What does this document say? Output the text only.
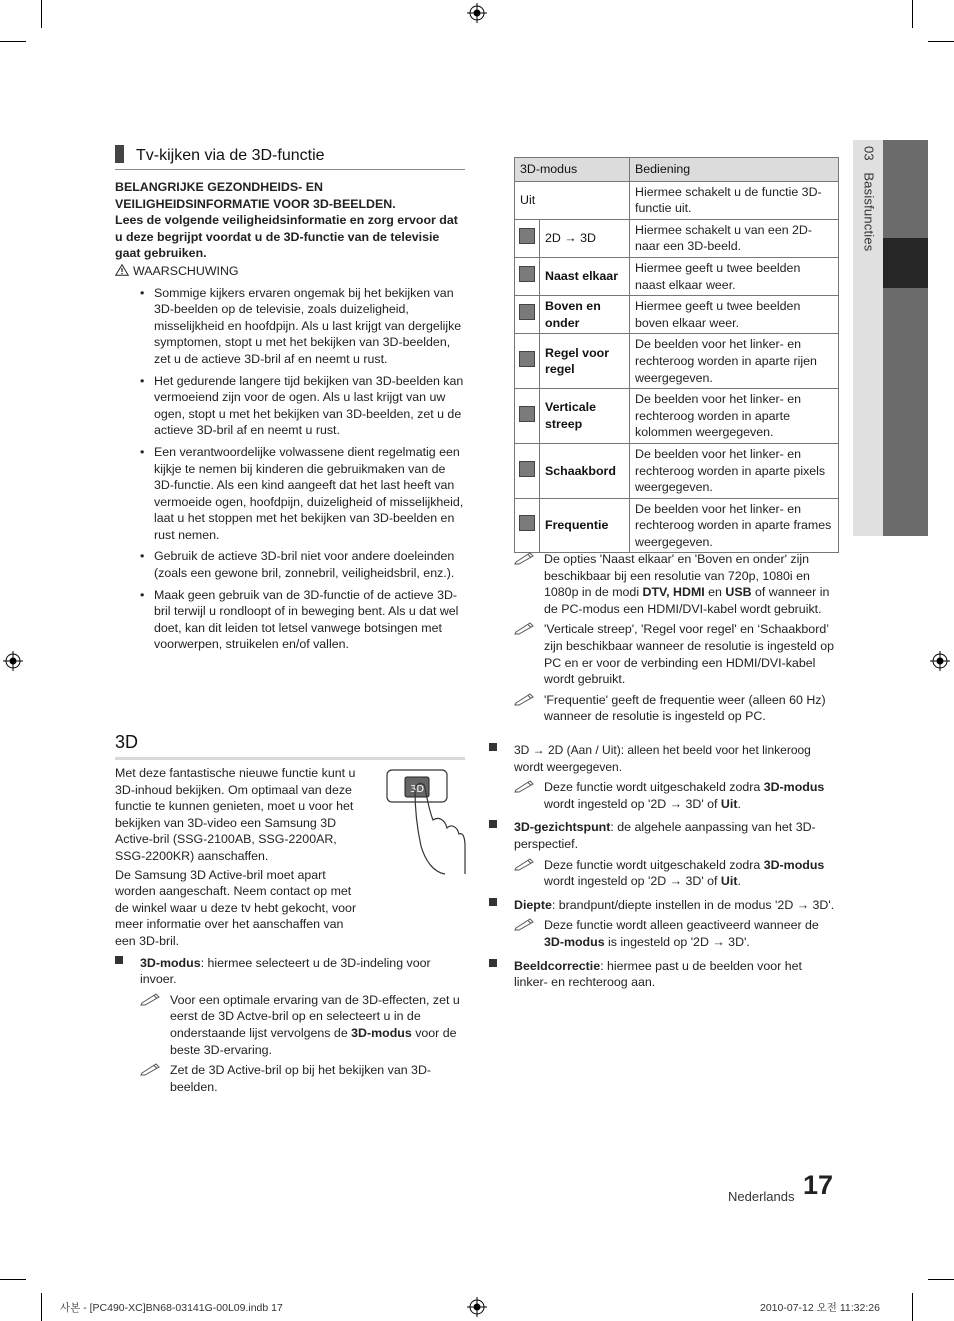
03   Basisfuncties
Tv-kijken via de 3D-functie
BELANGRIJKE GEZONDHEIDS- EN
VEILIGHEIDSINFORMATIE VOOR 3D-BEELDEN.
Lees de volgende veiligheidsinformatie en zorg ervoor dat u deze begrijpt voordat u de 3D-functie van de televisie gaat gebruiken.
WAARSCHUWING
• Sommige kijkers ervaren ongemak bij het bekijken van 3D-beelden op de televisie, zoals duizeligheid, misselijkheid en hoofdpijn. Als u last krijgt van dergelijke symptomen, stopt u met het bekijken van 3D-beelden, zet u de actieve 3D-bril af en neemt u rust.
• Het gedurende langere tijd bekijken van 3D-beelden kan vermoeiend zijn voor de ogen. Als u last krijgt van uw ogen, stopt u met het bekijken van 3D-beelden, zet u de actieve 3D-bril af en neemt u rust.
• Een verantwoordelijke volwassene dient regelmatig een kijkje te nemen bij kinderen die gebruikmaken van de 3D-functie. Als een kind aangeeft dat het last heeft van vermoeide ogen, hoofdpijn, duizeligheid of misselijkheid, laat u het stoppen met het bekijken van 3D-beelden en rust nemen.
• Gebruik de actieve 3D-bril niet voor andere doeleinden (zoals een gewone bril, zonnebril, veiligheidsbril, enz.).
• Maak geen gebruik van de 3D-functie of de actieve 3D-bril terwijl u rondloopt of in beweging bent. Als u dat wel doet, kan dit leiden tot letsel vanwege botsingen met voorwerpen, struikelen en/of vallen.
3D
3D
Met deze fantastische nieuwe functie kunt u 3D-inhoud bekijken. Om optimaal van deze functie te kunnen genieten, moet u voor het bekijken van 3D-video een Samsung 3D Active-bril (SSG-2100AB, SSG-2200AR, SSG-2200KR) aanschaffen.
De Samsung 3D Active-bril moet apart worden aangeschaft. Neem contact op met de winkel waar u deze tv hebt gekocht, voor meer informatie over het aanschaffen van een 3D-bril.
3D-modus: hiermee selecteert u de 3D-indeling voor invoer.
Voor een optimale ervaring van de 3D-effecten, zet u eerst de 3D Actve-bril op en selecteert u in de onderstaande lijst vervolgens de 3D-modus voor de beste 3D-ervaring.
Zet de 3D Active-bril op bij het bekijken van 3D-beelden.
3D-modus		Bediening
Uit		Hiermee schakelt u de functie 3D-functie uit.
	2D → 3D	Hiermee schakelt u van een 2D-naar een 3D-beeld.
	Naast elkaar	Hiermee geeft u twee beelden naast elkaar weer.
	Boven en onder	Hiermee geeft u twee beelden boven elkaar weer.
	Regel voor regel	De beelden voor het linker- en rechteroog worden in aparte rijen weergegeven.
	Verticale streep	De beelden voor het linker- en rechteroog worden in aparte kolommen weergegeven.
	Schaakbord	De beelden voor het linker- en rechteroog worden in aparte pixels weergegeven.
	Frequentie	De beelden voor het linker- en rechteroog worden in aparte frames weergegeven.
De opties 'Naast elkaar' en 'Boven en onder' zijn beschikbaar bij een resolutie van 720p, 1080i en 1080p in de modi DTV, HDMI en USB of wanneer in de PC-modus een HDMI/DVI-kabel wordt gebruikt.
'Verticale streep', 'Regel voor regel' en ‘Schaakbord’ zijn beschikbaar wanneer de resolutie is ingesteld op PC en er voor de verbinding een HDMI/DVI-kabel wordt gebruikt.
'Frequentie' geeft de frequentie weer (alleen 60 Hz) wanneer de resolutie is ingesteld op PC.
3D → 2D (Aan / Uit): alleen het beeld voor het linkeroog wordt weergegeven.
Deze functie wordt uitgeschakeld zodra 3D-modus wordt ingesteld op '2D → 3D' of Uit.
3D-gezichtspunt: de algehele aanpassing van het 3D-perspectief.
Deze functie wordt uitgeschakeld zodra 3D-modus wordt ingesteld op '2D → 3D' of Uit.
Diepte: brandpunt/diepte instellen in de modus '2D → 3D'.
Deze functie wordt alleen geactiveerd wanneer de 3D-modus is ingesteld op '2D → 3D'.
Beeldcorrectie: hiermee past u de beelden voor het linker- en rechteroog aan.
Nederlands 17
사본 - [PC490-XC]BN68-03141G-00L09.indb 17	2010-07-12 오전 11:32:26
